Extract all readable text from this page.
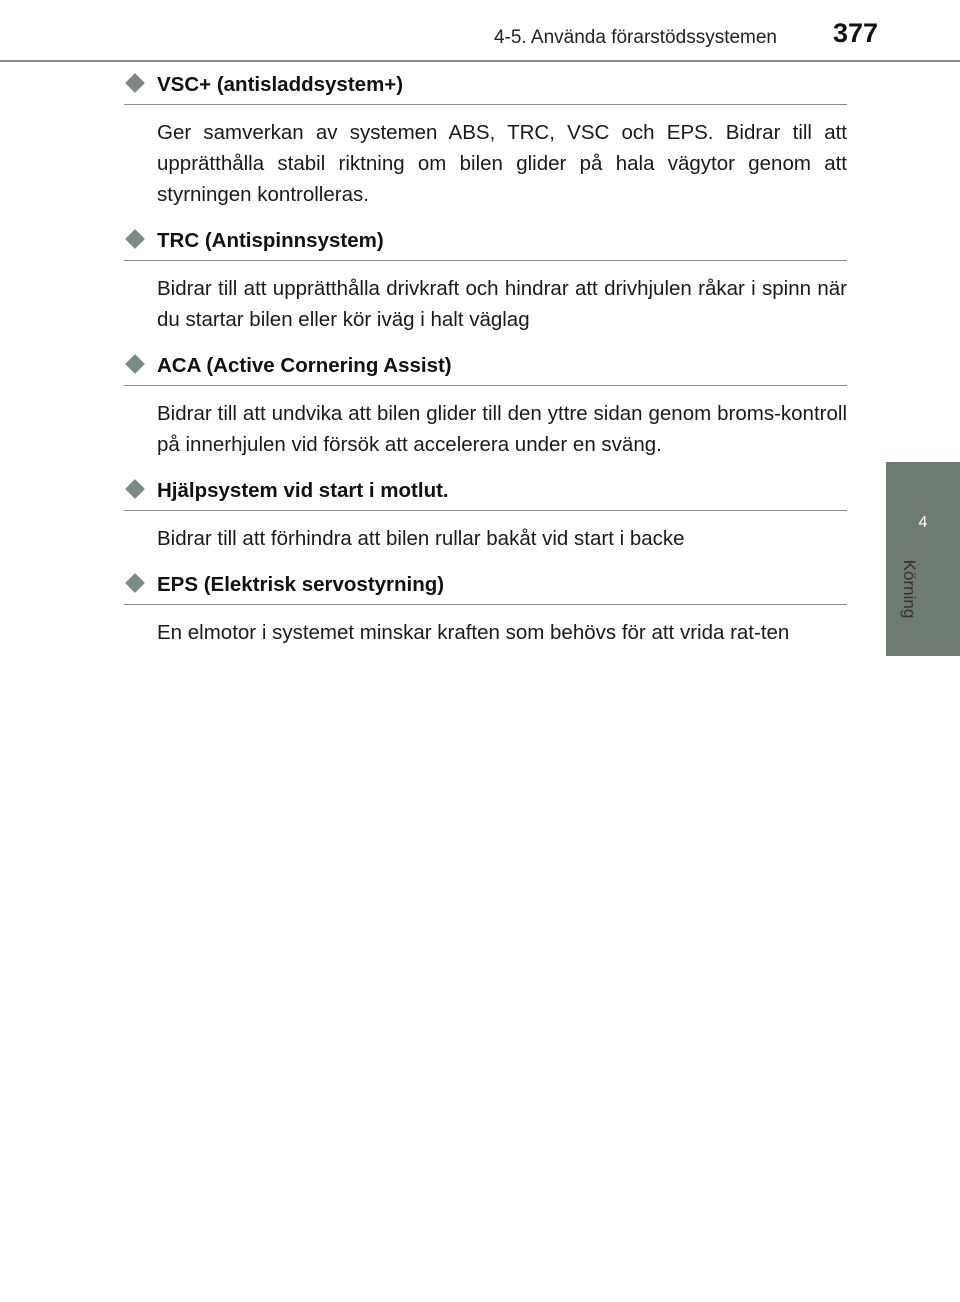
4-5. Använda förarstödssystemen 377
4
Körning
VSC+ (antisladdsystem+)

Ger samverkan av systemen ABS, TRC, VSC och EPS. Bidrar till att upprätthålla stabil riktning om bilen glider på hala vägytor genom att styrningen kontrolleras.

TRC (Antispinnsystem)

Bidrar till att upprätthålla drivkraft och hindrar att drivhjulen råkar i spinn när du startar bilen eller kör iväg i halt väglag

ACA (Active Cornering Assist)

Bidrar till att undvika att bilen glider till den yttre sidan genom broms-kontroll på innerhjulen vid försök att accelerera under en sväng.

Hjälpsystem vid start i motlut.

Bidrar till att förhindra att bilen rullar bakåt vid start i backe

EPS (Elektrisk servostyrning)

En elmotor i systemet minskar kraften som behövs för att vrida rat-ten
